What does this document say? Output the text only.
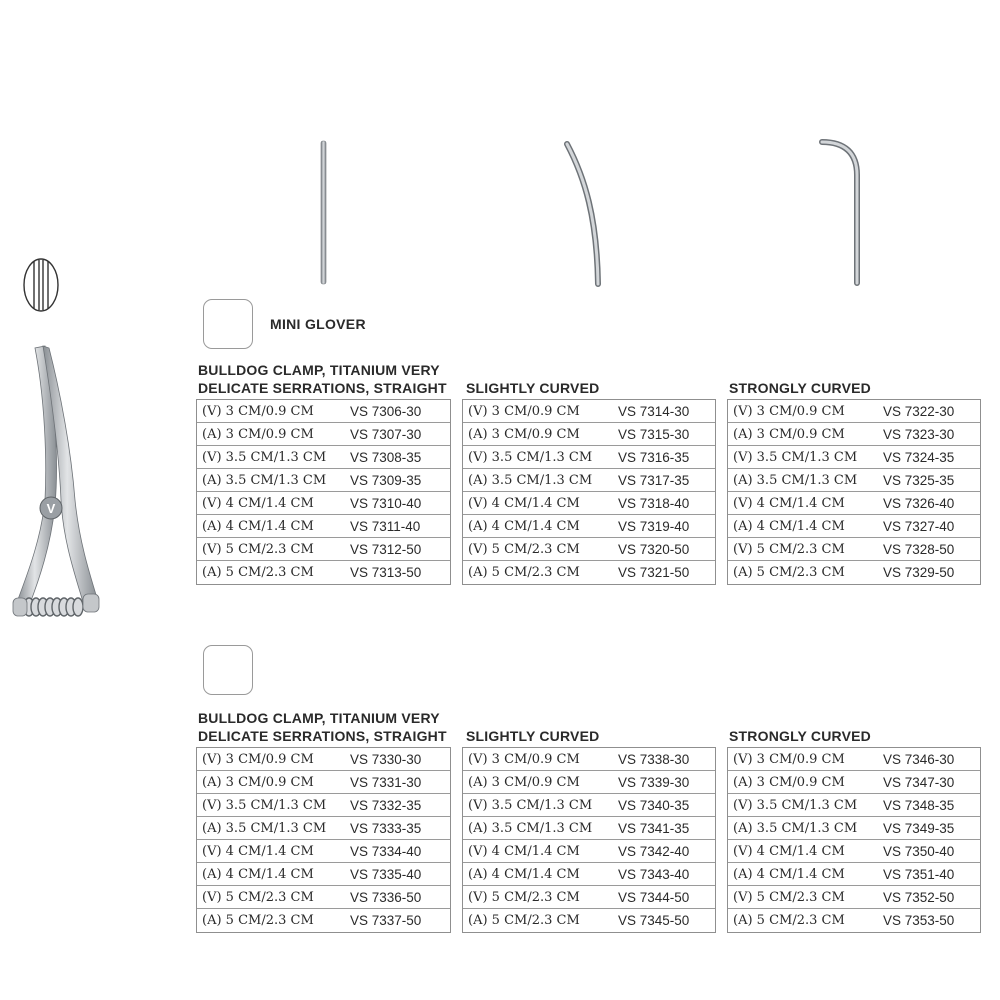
V
MINI GLOVER
BULLDOG CLAMP, TITANIUM VERY
DELICATE SERRATIONS, STRAIGHT SLIGHTLY CURVED	STRONGLY CURVED
(V) 3 CM/0.9 CM	VS 7306-30
(A) 3 CM/0.9 CM	VS 7307-30
(V) 3.5 CM/1.3 CM	VS 7308-35
(A) 3.5 CM/1.3 CM	VS 7309-35
(V) 4 CM/1.4 CM	VS 7310-40
(A) 4 CM/1.4 CM	VS 7311-40
(V) 5 CM/2.3 CM	VS 7312-50
(A) 5 CM/2.3 CM	VS 7313-50
(V) 3 CM/0.9 CM	VS 7314-30
(A) 3 CM/0.9 CM	VS 7315-30
(V) 3.5 CM/1.3 CM	VS 7316-35
(A) 3.5 CM/1.3 CM	VS 7317-35
(V) 4 CM/1.4 CM	VS 7318-40
(A) 4 CM/1.4 CM	VS 7319-40
(V) 5 CM/2.3 CM	VS 7320-50
(A) 5 CM/2.3 CM	VS 7321-50
(V) 3 CM/0.9 CM	VS 7322-30
(A) 3 CM/0.9 CM	VS 7323-30
(V) 3.5 CM/1.3 CM	VS 7324-35
(A) 3.5 CM/1.3 CM	VS 7325-35
(V) 4 CM/1.4 CM	VS 7326-40
(A) 4 CM/1.4 CM	VS 7327-40
(V) 5 CM/2.3 CM	VS 7328-50
(A) 5 CM/2.3 CM	VS 7329-50
BULLDOG CLAMP, TITANIUM VERY
DELICATE SERRATIONS, STRAIGHT SLIGHTLY CURVED	STRONGLY CURVED
(V) 3 CM/0.9 CM	VS 7330-30
(A) 3 CM/0.9 CM	VS 7331-30
(V) 3.5 CM/1.3 CM	VS 7332-35
(A) 3.5 CM/1.3 CM	VS 7333-35
(V) 4 CM/1.4 CM	VS 7334-40
(A) 4 CM/1.4 CM	VS 7335-40
(V) 5 CM/2.3 CM	VS 7336-50
(A) 5 CM/2.3 CM	VS 7337-50
(V) 3 CM/0.9 CM	VS 7338-30
(A) 3 CM/0.9 CM	VS 7339-30
(V) 3.5 CM/1.3 CM	VS 7340-35
(A) 3.5 CM/1.3 CM	VS 7341-35
(V) 4 CM/1.4 CM	VS 7342-40
(A) 4 CM/1.4 CM	VS 7343-40
(V) 5 CM/2.3 CM	VS 7344-50
(A) 5 CM/2.3 CM	VS 7345-50
(V) 3 CM/0.9 CM	VS 7346-30
(A) 3 CM/0.9 CM	VS 7347-30
(V) 3.5 CM/1.3 CM	VS 7348-35
(A) 3.5 CM/1.3 CM	VS 7349-35
(V) 4 CM/1.4 CM	VS 7350-40
(A) 4 CM/1.4 CM	VS 7351-40
(V) 5 CM/2.3 CM	VS 7352-50
(A) 5 CM/2.3 CM	VS 7353-50
